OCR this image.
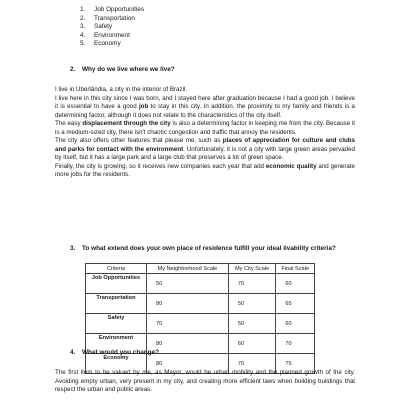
1.	Job Opportunities
2.	Transportation
3.	Safety
4.	Environment
5.	Economy
2.	Why do we live where we live?

I live in Uberlândia, a city in the interior of Brazil.

I live here in this city since I was born, and I stayed here after graduation because I had a good job. I believe it is essential to have a good job to stay in this city. In addition, the proximity to my family and friends is a determining factor, although it does not relate to the characteristics of the city itself.

The easy displacement through the city is also a determining factor in keeping me from the city. Because it is a medium-sized city, there isn't chaotic congestion and traffic that annoy the residents.

The city also offers other features that please me, such as places of appreciation for culture and clubs and parks for contact with the environment. Unfortunately, it is not a city with large green areas pervaded by itself, but it has a large park and a large club that preserves a lot of green space.

Finally, the city is growing, so it receives new companies each year that add economic quality and generate more jobs for the residents.

3.	To what extend does your own place of residence fulfill your ideal livability criteria?
Criteria	My Neighborhood Scale	My City Scale	Final Scale
Job Opportunities	50	70	60
Transportation	80	50	65
Safety	70	50	60
Environment	80	60	70
Economy	80	70	75
4.	What would you change?

The first item to be valued by me, as Mayor, would be urban mobility and the planned growth of the city. Avoiding empty urban, very present in my city, and creating more efficient laws when building buildings that respect the urban and public areas.
